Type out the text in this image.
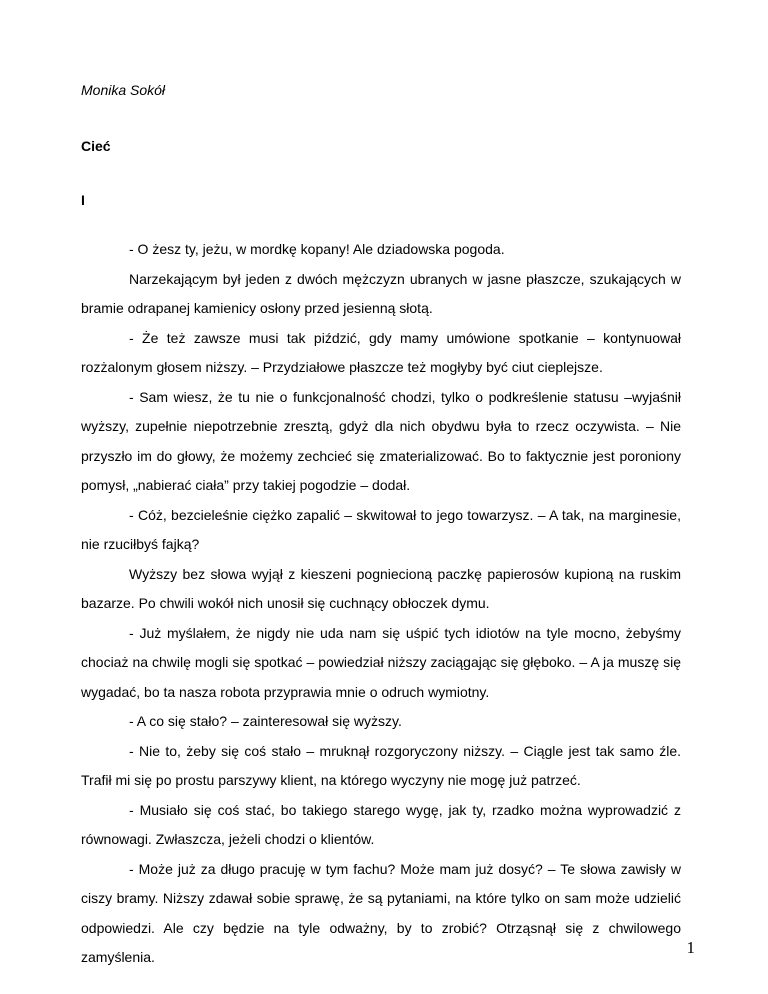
Monika Sokół

Cieć

I

- O żesz ty, jeżu, w mordkę kopany! Ale dziadowska pogoda.

Narzekającym był jeden z dwóch mężczyzn ubranych w jasne płaszcze, szukających w bramie odrapanej kamienicy osłony przed jesienną słotą.

- Że też zawsze musi tak piździć, gdy mamy umówione spotkanie – kontynuował rozżalonym głosem niższy. – Przydziałowe płaszcze też mogłyby być ciut cieplejsze.

- Sam wiesz, że tu nie o funkcjonalność chodzi, tylko o podkreślenie statusu –wyjaśnił wyższy, zupełnie niepotrzebnie zresztą, gdyż dla nich obydwu była to rzecz oczywista. – Nie przyszło im do głowy, że możemy zechcieć się zmaterializować. Bo to faktycznie jest poroniony pomysł, „nabierać ciała” przy takiej pogodzie – dodał.

- Cóż, bezcieleśnie ciężko zapalić – skwitował to jego towarzysz. – A tak, na marginesie, nie rzuciłbyś fajką?

Wyższy bez słowa wyjął z kieszeni pogniecioną paczkę papierosów kupioną na ruskim bazarze. Po chwili wokół nich unosił się cuchnący obłoczek dymu.

- Już myślałem, że nigdy nie uda nam się uśpić tych idiotów na tyle mocno, żebyśmy chociaż na chwilę mogli się spotkać – powiedział niższy zaciągając się głęboko. – A ja muszę się wygadać, bo ta nasza robota przyprawia mnie o odruch wymiotny.

- A co się stało? – zainteresował się wyższy.

- Nie to, żeby się coś stało – mruknął rozgoryczony niższy. – Ciągle jest tak samo źle. Trafił mi się po prostu parszywy klient, na którego wyczyny nie mogę już patrzeć.

- Musiało się coś stać, bo takiego starego wygę, jak ty, rzadko można wyprowadzić z równowagi. Zwłaszcza, jeżeli chodzi o klientów.

- Może już za długo pracuję w tym fachu? Może mam już dosyć? – Te słowa zawisły w ciszy bramy. Niższy zdawał sobie sprawę, że są pytaniami, na które tylko on sam może udzielić odpowiedzi. Ale czy będzie na tyle odważny, by to zrobić? Otrząsnął się z chwilowego zamyślenia.	1
